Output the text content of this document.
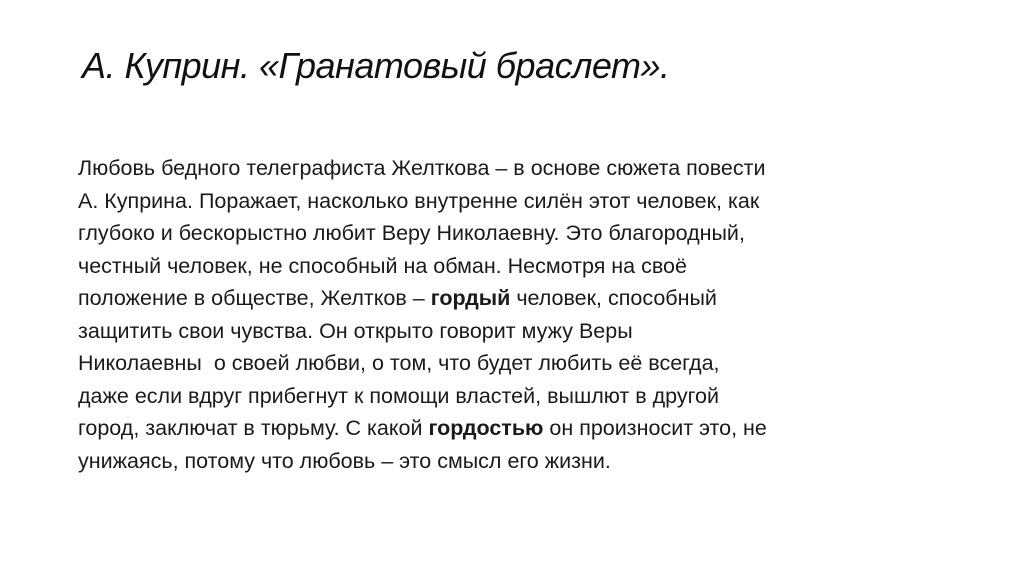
А. Куприн. «Гранатовый браслет».
Любовь бедного телеграфиста Желткова – в основе сюжета повести
А. Куприна. Поражает, насколько внутренне силён этот человек, как
глубоко и бескорыстно любит Веру Николаевну. Это благородный,
честный человек, не способный на обман. Несмотря на своё
положение в обществе, Желтков – гордый человек, способный
защитить свои чувства. Он открыто говорит мужу Веры
Николаевны  о своей любви, о том, что будет любить её всегда,
даже если вдруг прибегнут к помощи властей, вышлют в другой
город, заключат в тюрьму. С какой гордостью он произносит это, не
унижаясь, потому что любовь – это смысл его жизни.
